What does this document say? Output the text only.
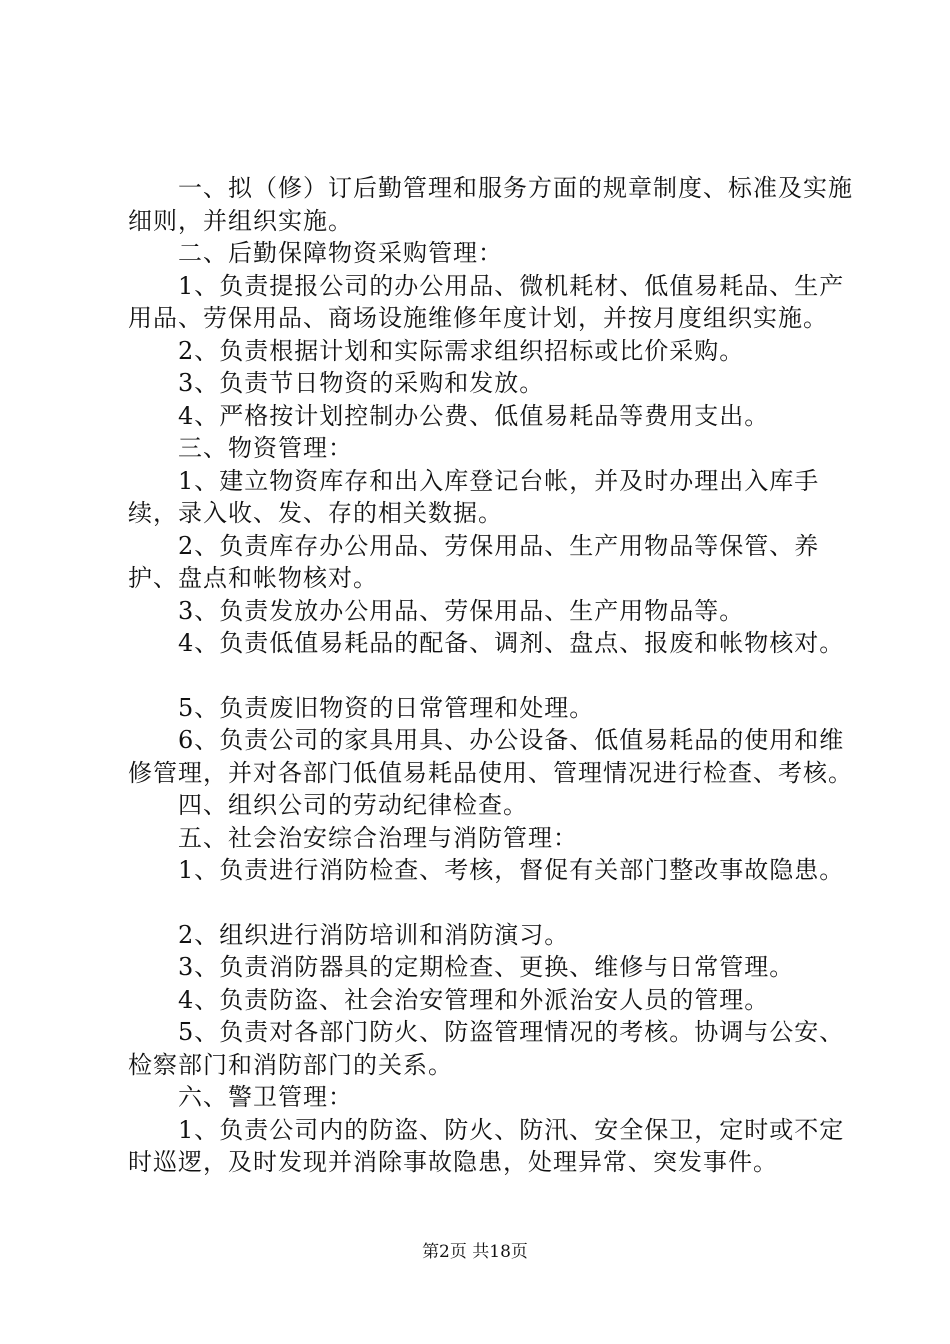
一、拟（修）订后勤管理和服务方面的规章制度、标准及实施细则，并组织实施。

二、后勤保障物资采购管理：

1、负责提报公司的办公用品、微机耗材、低值易耗品、生产用品、劳保用品、商场设施维修年度计划，并按月度组织实施。

2、负责根据计划和实际需求组织招标或比价采购。

3、负责节日物资的采购和发放。

4、严格按计划控制办公费、低值易耗品等费用支出。

三、物资管理：

1、建立物资库存和出入库登记台帐，并及时办理出入库手续，录入收、发、存的相关数据。

2、负责库存办公用品、劳保用品、生产用物品等保管、养护、盘点和帐物核对。

3、负责发放办公用品、劳保用品、生产用物品等。

4、负责低值易耗品的配备、调剂、盘点、报废和帐物核对。

5、负责废旧物资的日常管理和处理。

6、负责公司的家具用具、办公设备、低值易耗品的使用和维修管理，并对各部门低值易耗品使用、管理情况进行检查、考核。

四、组织公司的劳动纪律检查。

五、社会治安综合治理与消防管理：

1、负责进行消防检查、考核，督促有关部门整改事故隐患。

2、组织进行消防培训和消防演习。

3、负责消防器具的定期检查、更换、维修与日常管理。

4、负责防盗、社会治安管理和外派治安人员的管理。

5、负责对各部门防火、防盗管理情况的考核。协调与公安、检察部门和消防部门的关系。

六、警卫管理：

1、负责公司内的防盗、防火、防汛、安全保卫，定时或不定时巡逻，及时发现并消除事故隐患，处理异常、突发事件。

第2页 共18页
